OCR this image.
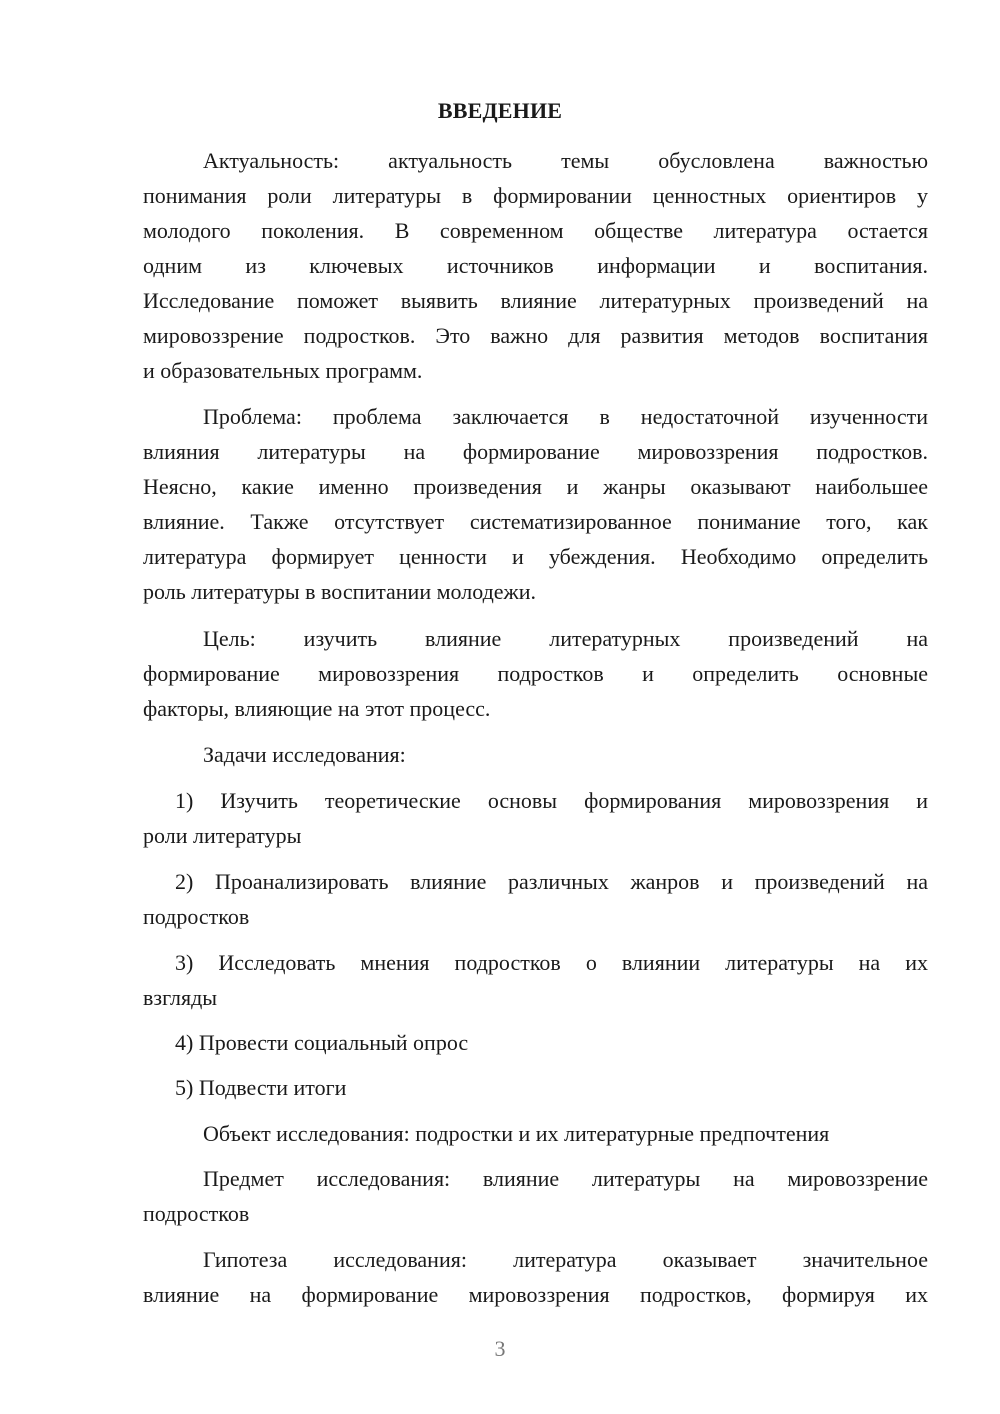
ВВЕДЕНИЕ
Актуальность: актуальность темы обусловлена важностью
понимания роли литературы в формировании ценностных ориентиров у
молодого поколения. В современном обществе литература остается
одним из ключевых источников информации и воспитания.
Исследование поможет выявить влияние литературных произведений на
мировоззрение подростков. Это важно для развития методов воспитания
и образовательных программ.
Проблема: проблема заключается в недостаточной изученности
влияния литературы на формирование мировоззрения подростков.
Неясно, какие именно произведения и жанры оказывают наибольшее
влияние. Также отсутствует систематизированное понимание того, как
литература формирует ценности и убеждения. Необходимо определить
роль литературы в воспитании молодежи.
Цель: изучить влияние литературных произведений на
формирование мировоззрения подростков и определить основные
факторы, влияющие на этот процесс.
Задачи исследования:
1) Изучить теоретические основы формирования мировоззрения и
роли литературы
2) Проанализировать влияние различных жанров и произведений на
подростков
3) Исследовать мнения подростков о влиянии литературы на их
взгляды
4) Провести социальный опрос
5) Подвести итоги
Объект исследования: подростки и их литературные предпочтения
Предмет исследования: влияние литературы на мировоззрение
подростков
Гипотеза исследования: литература оказывает значительное
влияние на формирование мировоззрения подростков, формируя их
3
